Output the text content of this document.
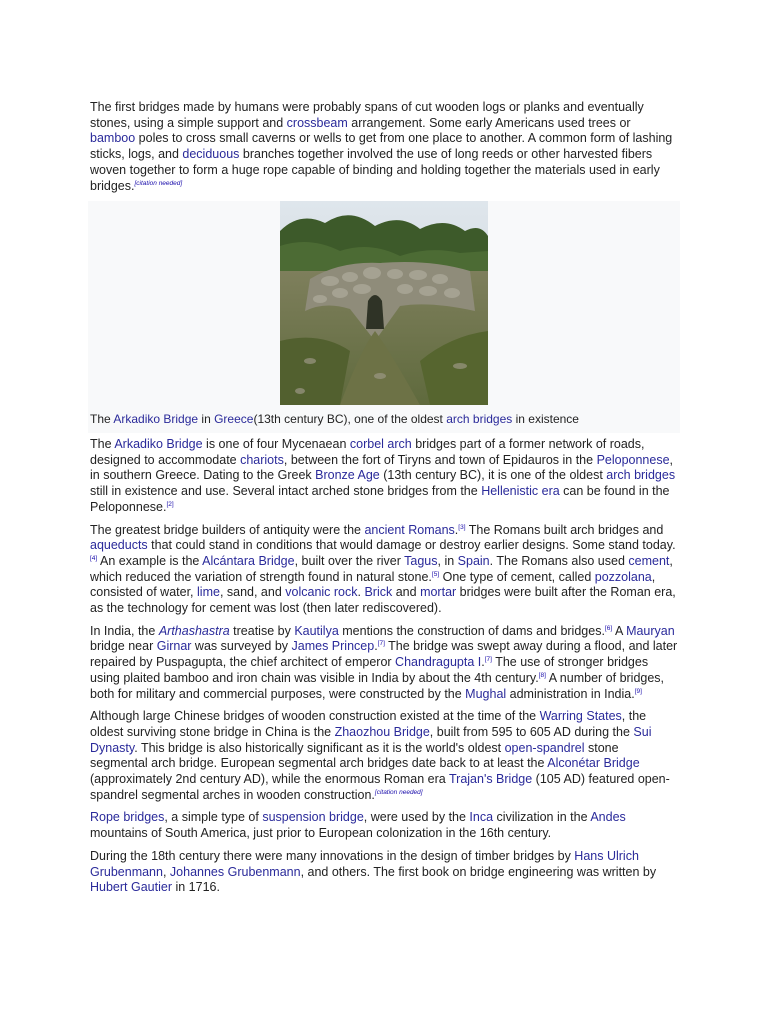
The first bridges made by humans were probably spans of cut wooden logs or planks and eventually stones, using a simple support and crossbeam arrangement. Some early Americans used trees or bamboo poles to cross small caverns or wells to get from one place to another. A common form of lashing sticks, logs, and deciduous branches together involved the use of long reeds or other harvested fibers woven together to form a huge rope capable of binding and holding together the materials used in early bridges.[citation needed]

The Arkadiko Bridge in Greece(13th century BC), one of the oldest arch bridges in existence

The Arkadiko Bridge is one of four Mycenaean corbel arch bridges part of a former network of roads, designed to accommodate chariots, between the fort of Tiryns and town of Epidauros in the Peloponnese, in southern Greece. Dating to the Greek Bronze Age (13th century BC), it is one of the oldest arch bridges still in existence and use. Several intact arched stone bridges from the Hellenistic era can be found in the Peloponnese.[2]

The greatest bridge builders of antiquity were the ancient Romans.[3] The Romans built arch bridges and aqueducts that could stand in conditions that would damage or destroy earlier designs. Some stand today.[4] An example is the Alcántara Bridge, built over the river Tagus, in Spain. The Romans also used cement, which reduced the variation of strength found in natural stone.[5] One type of cement, called pozzolana, consisted of water, lime, sand, and volcanic rock. Brick and mortar bridges were built after the Roman era, as the technology for cement was lost (then later rediscovered).

In India, the Arthashastra treatise by Kautilya mentions the construction of dams and bridges.[6] A Mauryan bridge near Girnar was surveyed by James Princep.[7] The bridge was swept away during a flood, and later repaired by Puspagupta, the chief architect of emperor Chandragupta I.[7] The use of stronger bridges using plaited bamboo and iron chain was visible in India by about the 4th century.[8] A number of bridges, both for military and commercial purposes, were constructed by the Mughal administration in India.[9]

Although large Chinese bridges of wooden construction existed at the time of the Warring States, the oldest surviving stone bridge in China is the Zhaozhou Bridge, built from 595 to 605 AD during the Sui Dynasty. This bridge is also historically significant as it is the world's oldest open-spandrel stone segmental arch bridge. European segmental arch bridges date back to at least the Alconétar Bridge (approximately 2nd century AD), while the enormous Roman era Trajan's Bridge (105 AD) featured open-spandrel segmental arches in wooden construction.[citation needed]

Rope bridges, a simple type of suspension bridge, were used by the Inca civilization in the Andes mountains of South America, just prior to European colonization in the 16th century.

During the 18th century there were many innovations in the design of timber bridges by Hans Ulrich Grubenmann, Johannes Grubenmann, and others. The first book on bridge engineering was written by Hubert Gautier in 1716.
